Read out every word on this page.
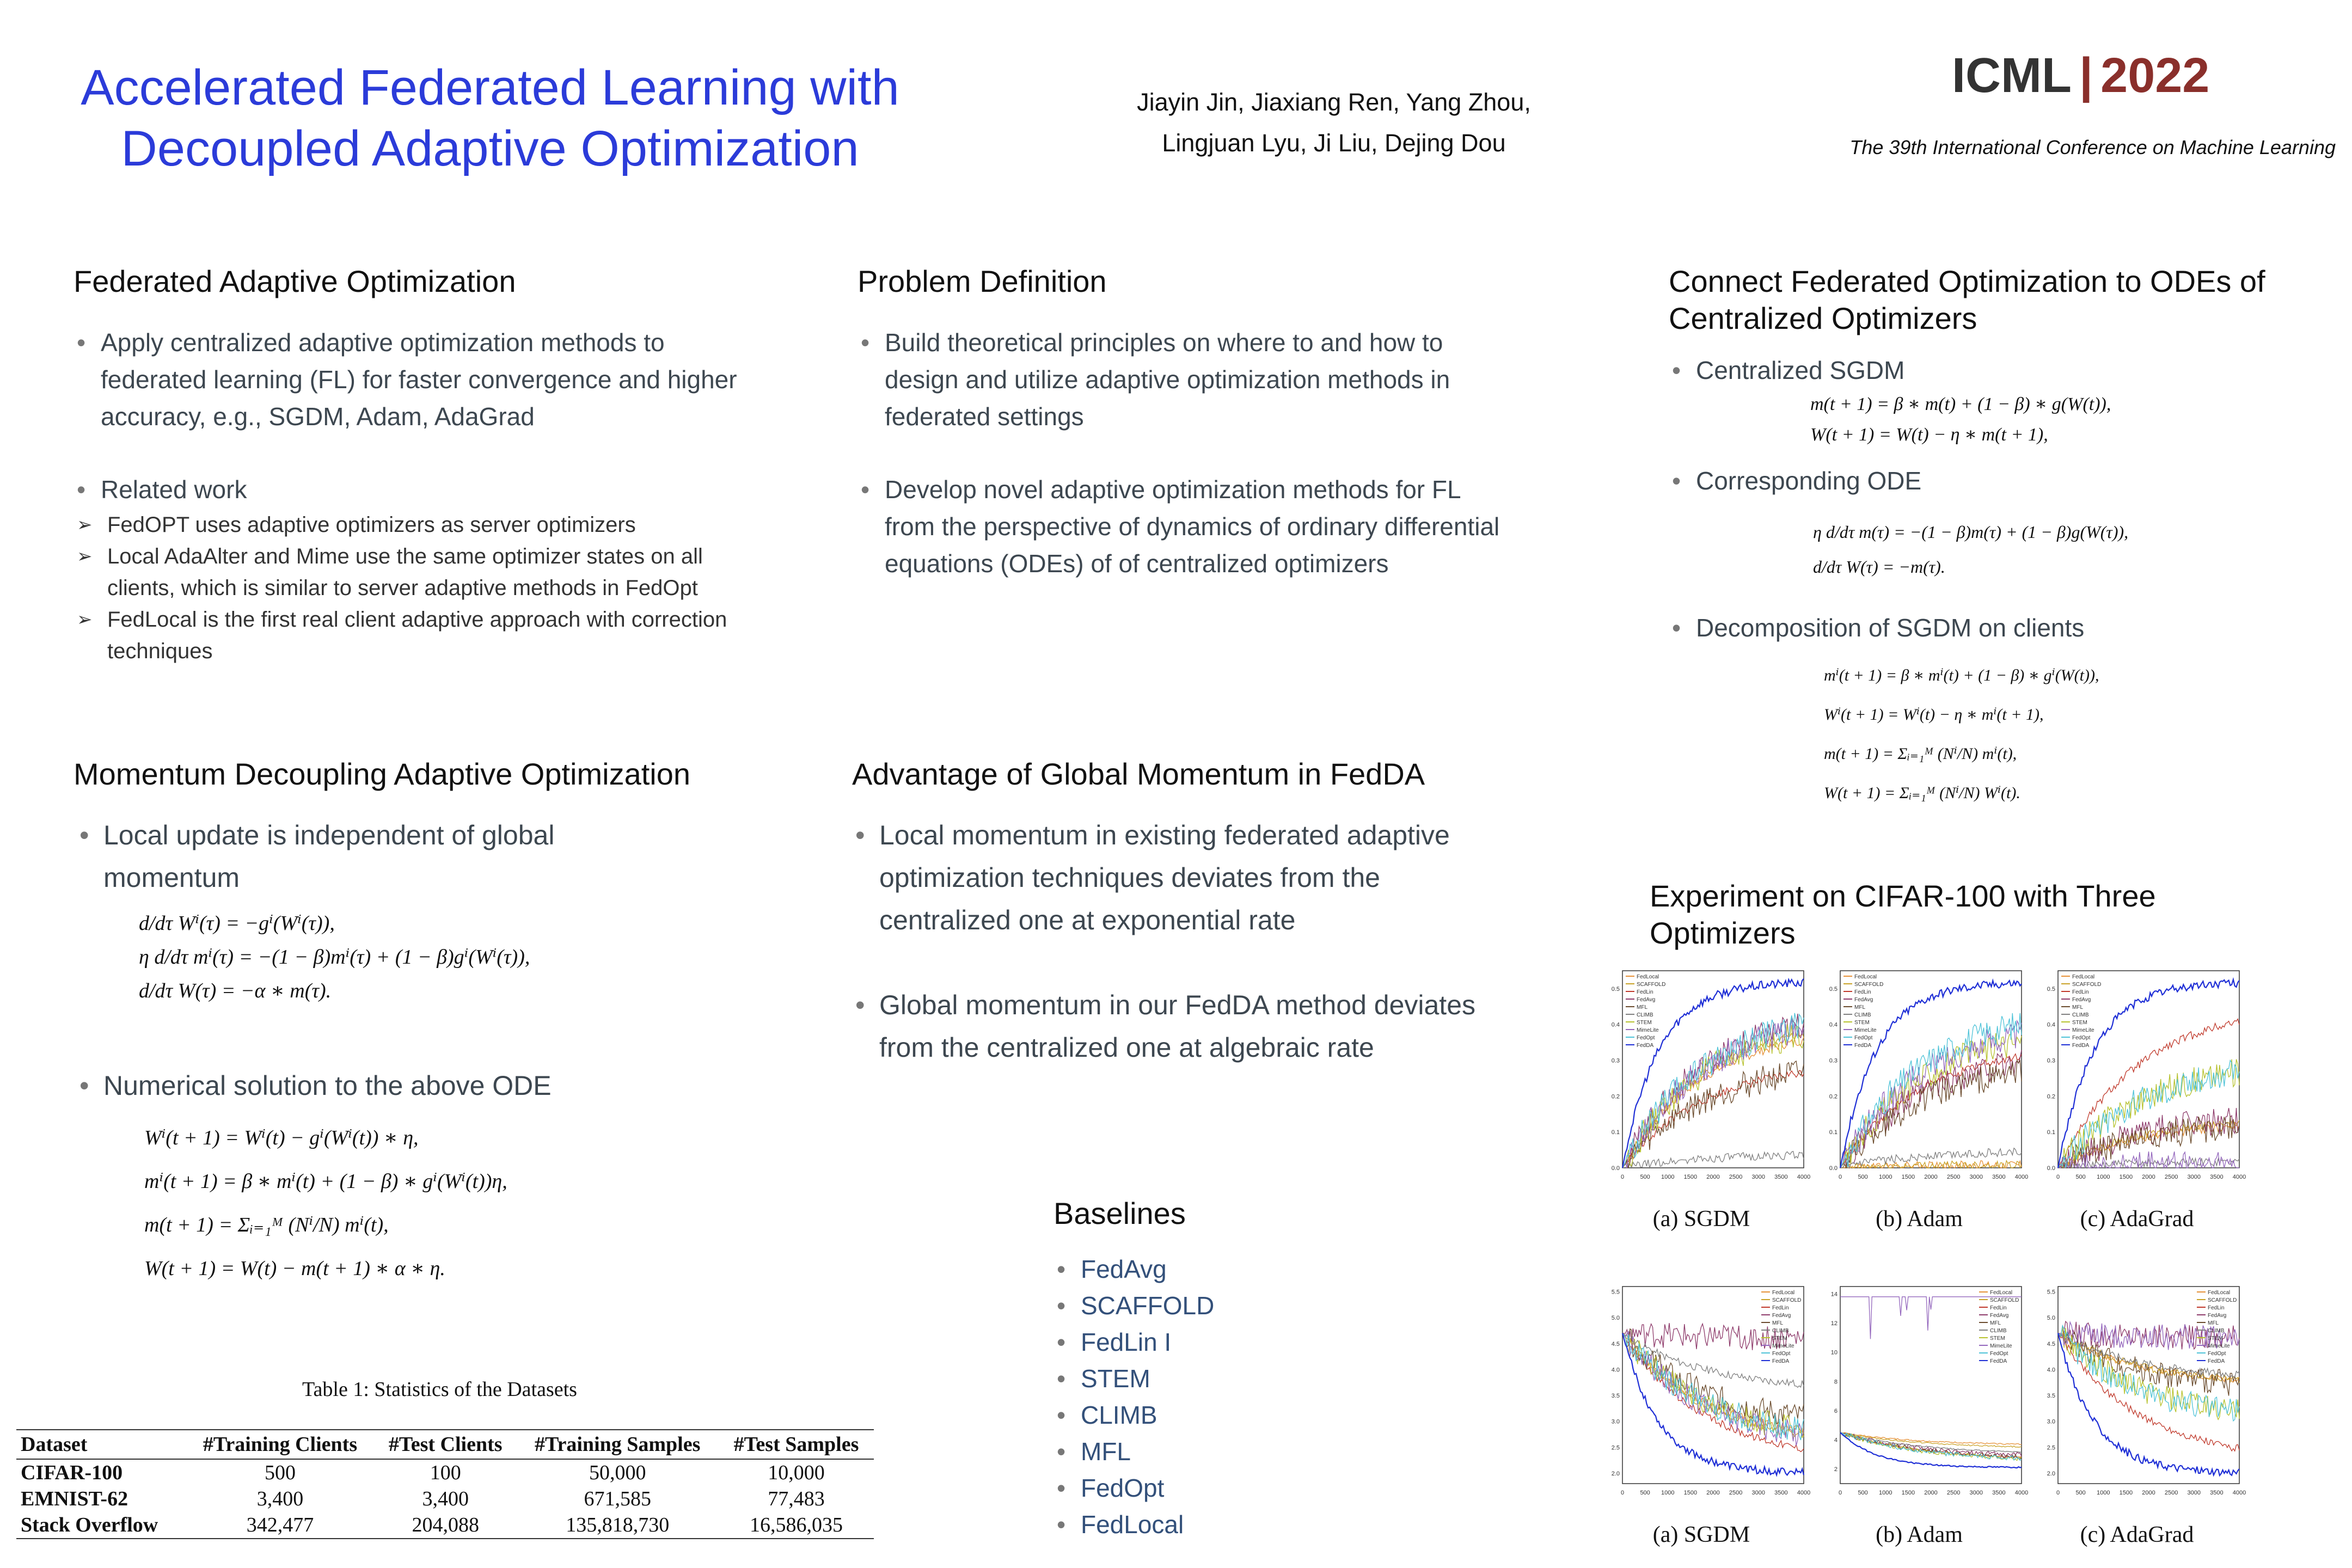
Accelerated Federated Learning with
Decoupled Adaptive Optimization
Jiayin Jin, Jiaxiang Ren, Yang Zhou,
Lingjuan Lyu, Ji Liu, Dejing Dou
ICML | 2022
The 39th International Conference on Machine Learning
Federated Adaptive Optimization
• Apply centralized adaptive optimization methods to federated learning (FL) for faster convergence and higher accuracy, e.g., SGDM, Adam, AdaGrad
• Related work
➢ FedOPT uses adaptive optimizers as server optimizers
➢ Local AdaAlter and Mime use the same optimizer states on all clients, which is similar to server adaptive methods in FedOpt
➢ FedLocal is the first real client adaptive approach with correction techniques
Momentum Decoupling Adaptive Optimization
• Local update is independent of global momentum
d/dτ Wⁱ(τ) = −gⁱ(Wⁱ(τ)),
η d/dτ mⁱ(τ) = −(1 − β)mⁱ(τ) + (1 − β)gⁱ(Wⁱ(τ)),
d/dτ W(τ) = −α ∗ m(τ).
• Numerical solution to the above ODE
Wⁱ(t + 1) = Wⁱ(t) − gⁱ(Wⁱ(t)) ∗ η,
mⁱ(t + 1) = β ∗ mⁱ(t) + (1 − β) ∗ gⁱ(Wⁱ(t))η,
m(t + 1) = Σᵢ₌₁ᴹ (Nⁱ/N) mⁱ(t),
W(t + 1) = W(t) − m(t + 1) ∗ α ∗ η.
Table 1: Statistics of the Datasets
Dataset	#Training Clients	#Test Clients	#Training Samples	#Test Samples
CIFAR-100	500	100	50,000	10,000
EMNIST-62	3,400	3,400	671,585	77,483
Stack Overflow	342,477	204,088	135,818,730	16,586,035
Problem Definition
• Build theoretical principles on where to and how to design and utilize adaptive optimization methods in federated settings
• Develop novel adaptive optimization methods for FL from the perspective of dynamics of ordinary differential equations (ODEs) of of centralized optimizers
Advantage of Global Momentum in FedDA
• Local momentum in existing federated adaptive optimization techniques deviates from the centralized one at exponential rate
• Global momentum in our FedDA method deviates from the centralized one at algebraic rate
Baselines
• FedAvg
• SCAFFOLD
• FedLin I
• STEM
• CLIMB
• MFL
• FedOpt
• FedLocal
Connect Federated Optimization to ODEs of
Centralized Optimizers
• Centralized SGDM
m(t + 1) = β ∗ m(t) + (1 − β) ∗ g(W(t)),
W(t + 1) = W(t) − η ∗ m(t + 1),
• Corresponding ODE
η d/dτ m(τ) = −(1 − β)m(τ) + (1 − β)g(W(τ)),
d/dτ W(τ) = −m(τ).
• Decomposition of SGDM on clients
mⁱ(t + 1) = β ∗ mⁱ(t) + (1 − β) ∗ gⁱ(W(t)),
Wⁱ(t + 1) = Wⁱ(t) − η ∗ mⁱ(t + 1),
m(t + 1) = Σᵢ₌₁ᴹ (Nⁱ/N) mⁱ(t),
W(t + 1) = Σᵢ₌₁ᴹ (Nⁱ/N) Wⁱ(t).
Experiment on CIFAR-100 with Three
Optimizers
0	500 1000 1500 2000 2500 3000 3500 4000
0.0
0.1
0.2
0.3
0.4
0.5
FedLocal
SCAFFOLD
FedLin
FedAvg
MFL
CLIMB
STEM
MimeLite
FedOpt
FedDA
0	500 1000 1500 2000 2500 3000 3500 4000
0.0
0.1
0.2
0.3
0.4
0.5
FedLocal
SCAFFOLD
FedLin
FedAvg
MFL
CLIMB
STEM
MimeLite
FedOpt
FedDA
0	500 1000 1500 2000 2500 3000 3500 4000
0.0
0.1
0.2
0.3
0.4
0.5
FedLocal
SCAFFOLD
FedLin
FedAvg
MFL
CLIMB
STEM
MimeLite
FedOpt
FedDA
(a) SGDM	(b) Adam	(c) AdaGrad
0	500 1000 1500 2000 2500 3000 3500 4000
2.0
2.5
3.0
3.5
4.0
4.5
5.0
5.5	FedLocal
SCAFFOLD
FedLin
FedAvg
MFL
CLIMB
STEM
MimeLite
FedOpt
FedDA
0	500 1000 1500 2000 2500 3000 3500 4000
2
4
6
8
10
12
14	FedLocal
SCAFFOLD
FedLin
FedAvg
MFL
CLIMB
STEM
MimeLite
FedOpt
FedDA
0	500 1000 1500 2000 2500 3000 3500 4000
2.0
2.5
3.0
3.5
4.0
4.5
5.0
5.5	FedLocal
SCAFFOLD
FedLin
FedAvg
MFL
CLIMB
STEM
MimeLite
FedOpt
FedDA
(a) SGDM	(b) Adam	(c) AdaGrad
